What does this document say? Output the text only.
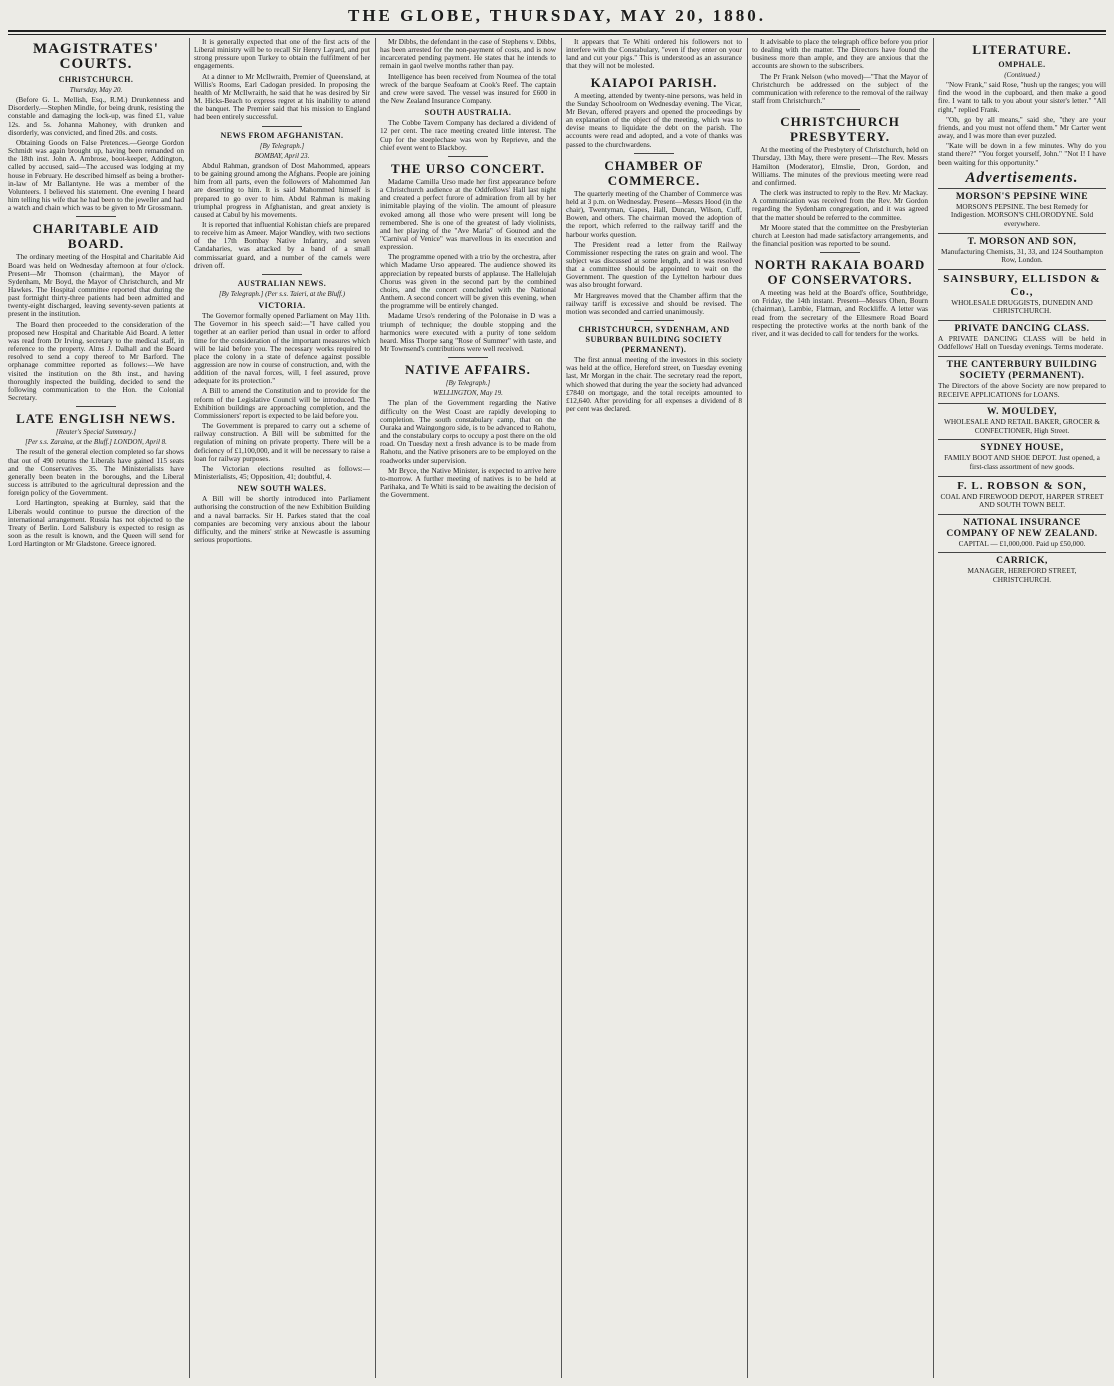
THE GLOBE, THURSDAY, MAY 20, 1880.
MAGISTRATES' COURTS.
CHRISTCHURCH.
Thursday, May 20.

(Before G. L. Mellish, Esq., R.M.) Drunkenness and Disorderly.—Stephen Mindle, for being drunk, resisting the constable and damaging the lock-up, was fined £1, value 12s. and 5s. Johanna Mahoney, with drunken and disorderly, was convicted, and fined 20s. and costs.

Obtaining Goods on False Pretences.—George Gordon Schmidt was again brought up, having been remanded on the 18th inst. John A. Ambrose, boot-keeper, Addington, called by accused, said—The accused was lodging at my house in February. He described himself as being a brother-in-law of Mr Ballantyne. He was a member of the Volunteers. I believed his statement. One evening I heard him telling his wife that he had been to the jeweller and had a watch and chain which was to be given to Mr Grossmann.

CHARITABLE AID BOARD.

The ordinary meeting of the Hospital and Charitable Aid Board was held on Wednesday afternoon at four o'clock. Present—Mr Thomson (chairman), the Mayor of Sydenham, Mr Boyd, the Mayor of Christchurch, and Mr Hawkes. The Hospital committee reported that during the past fortnight thirty-three patients had been admitted and twenty-eight discharged, leaving seventy-seven patients at present in the institution.

The Board then proceeded to the consideration of the proposed new Hospital and Charitable Aid Board. A letter was read from Dr Irving, secretary to the medical staff, in reference to the property. Alms J. Dalhall and the Board resolved to send a copy thereof to Mr Barford. The orphanage committee reported as follows:—We have visited the institution on the 8th inst., and having thoroughly inspected the building, decided to send the following communication to the Hon. the Colonial Secretary.

LATE ENGLISH NEWS.
[Reuter's Special Summary.]
[Per s.s. Zaraina, at the Bluff.] LONDON, April 8.

The result of the general election completed so far shows that out of 490 returns the Liberals have gained 115 seats and the Conservatives 35. The Ministerialists have generally been beaten in the boroughs, and the Liberal success is attributed to the agricultural depression and the foreign policy of the Government.

Lord Hartington, speaking at Burnley, said that the Liberals would continue to pursue the direction of the international arrangement. Russia has not objected to the Treaty of Berlin. Lord Salisbury is expected to resign as soon as the result is known, and the Queen will send for Lord Hartington or Mr Gladstone. Greece ignored.

It is generally expected that one of the first acts of the Liberal ministry will be to recall Sir Henry Layard, and put strong pressure upon Turkey to obtain the fulfilment of her engagements.

At a dinner to Mr McIlwraith, Premier of Queensland, at Willis's Rooms, Earl Cadogan presided. In proposing the health of Mr McIlwraith, he said that he was desired by Sir M. Hicks-Beach to express regret at his inability to attend the banquet. The Premier said that his mission to England had been entirely successful.

NEWS FROM AFGHANISTAN.
[By Telegraph.]
BOMBAY, April 23.

Abdul Rahman, grandson of Dost Mahommed, appears to be gaining ground among the Afghans. People are joining him from all parts, even the followers of Mahommed Jan are deserting to him. It is said Mahommed himself is prepared to go over to him. Abdul Rahman is making triumphal progress in Afghanistan, and great anxiety is caused at Cabul by his movements.

It is reported that influential Kohistan chiefs are prepared to receive him as Ameer. Major Wandley, with two sections of the 17th Bombay Native Infantry, and seven Candaharies, was attacked by a band of a small commissariat guard, and a number of the camels were driven off.

AUSTRALIAN NEWS.
[By Telegraph.] (Per s.s. Taieri, at the Bluff.)
VICTORIA.

The Governor formally opened Parliament on May 11th. The Governor in his speech said:—"I have called you together at an earlier period than usual in order to afford time for the consideration of the important measures which will be laid before you. The necessary works required to place the colony in a state of defence against possible aggression are now in course of construction, and, with the addition of the naval forces, will, I feel assured, prove adequate for its protection."

A Bill to amend the Constitution and to provide for the reform of the Legislative Council will be introduced. The Exhibition buildings are approaching completion, and the Commissioners' report is expected to be laid before you.

The Government is prepared to carry out a scheme of railway construction. A Bill will be submitted for the regulation of mining on private property. There will be a deficiency of £1,100,000, and it will be necessary to raise a loan for railway purposes.

The Victorian elections resulted as follows:—Ministerialists, 45; Opposition, 41; doubtful, 4.

NEW SOUTH WALES.

A Bill will be shortly introduced into Parliament authorising the construction of the new Exhibition Building and a naval barracks. Sir H. Parkes stated that the coal companies are becoming very anxious about the labour difficulty, and the miners' strike at Newcastle is assuming serious proportions.

Mr Dibbs, the defendant in the case of Stephens v. Dibbs, has been arrested for the non-payment of costs, and is now incarcerated pending payment. He states that he intends to remain in gaol twelve months rather than pay.

Intelligence has been received from Noumea of the total wreck of the barque Seafoam at Cook's Reef. The captain and crew were saved. The vessel was insured for £600 in the New Zealand Insurance Company.

SOUTH AUSTRALIA.

The Cobbe Tavern Company has declared a dividend of 12 per cent. The race meeting created little interest. The Cup for the steeplechase was won by Reprieve, and the chief event went to Blackboy.

THE URSO CONCERT.

Madame Camilla Urso made her first appearance before a Christchurch audience at the Oddfellows' Hall last night and created a perfect furore of admiration from all by her inimitable playing of the violin. The amount of pleasure evoked among all those who were present will long be remembered. She is one of the greatest of lady violinists, and her playing of the "Ave Maria" of Gounod and the "Carnival of Venice" was marvellous in its execution and expression.

The programme opened with a trio by the orchestra, after which Madame Urso appeared. The audience showed its appreciation by repeated bursts of applause. The Hallelujah Chorus was given in the second part by the combined choirs, and the concert concluded with the National Anthem. A second concert will be given this evening, when the programme will be entirely changed.

Madame Urso's rendering of the Polonaise in D was a triumph of technique; the double stopping and the harmonics were executed with a purity of tone seldom heard. Miss Thorpe sang "Rose of Summer" with taste, and Mr Townsend's contributions were well received.

NATIVE AFFAIRS.
[By Telegraph.]
WELLINGTON, May 19.

The plan of the Government regarding the Native difficulty on the West Coast are rapidly developing to completion. The south constabulary camp, that on the Ouraka and Waingongoro side, is to be advanced to Rahotu, and the constabulary corps to occupy a post there on the old road. On Tuesday next a fresh advance is to be made from Rahotu, and the Native prisoners are to be employed on the roadworks under supervision.

Mr Bryce, the Native Minister, is expected to arrive here to-morrow. A further meeting of natives is to be held at Parihaka, and Te Whiti is said to be awaiting the decision of the Government.

It appears that Te Whiti ordered his followers not to interfere with the Constabulary, "even if they enter on your land and cut your pigs." This is understood as an assurance that they will not be molested.

KAIAPOI PARISH.

A meeting, attended by twenty-nine persons, was held in the Sunday Schoolroom on Wednesday evening. The Vicar, Mr Bevan, offered prayers and opened the proceedings by an explanation of the object of the meeting, which was to devise means to liquidate the debt on the parish. The accounts were read and adopted, and a vote of thanks was passed to the churchwardens.

CHAMBER OF COMMERCE.

The quarterly meeting of the Chamber of Commerce was held at 3 p.m. on Wednesday. Present—Messrs Hood (in the chair), Twentyman, Gapes, Hall, Duncan, Wilson, Cuff, Bowen, and others. The chairman moved the adoption of the report, which referred to the railway tariff and the harbour works question.

The President read a letter from the Railway Commissioner respecting the rates on grain and wool. The subject was discussed at some length, and it was resolved that a committee should be appointed to wait on the Government. The question of the Lyttelton harbour dues was also brought forward.

Mr Hargreaves moved that the Chamber affirm that the railway tariff is excessive and should be revised. The motion was seconded and carried unanimously.

CHRISTCHURCH, SYDENHAM, AND SUBURBAN BUILDING SOCIETY (PERMANENT).

The first annual meeting of the investors in this society was held at the office, Hereford street, on Tuesday evening last, Mr Morgan in the chair. The secretary read the report, which showed that during the year the society had advanced £7840 on mortgage, and the total receipts amounted to £12,640. After providing for all expenses a dividend of 8 per cent was declared.

It advisable to place the telegraph office before you prior to dealing with the matter. The Directors have found the business more than ample, and they are anxious that the accounts are shown to the subscribers.

The Pr Frank Nelson (who moved)—"That the Mayor of Christchurch be addressed on the subject of the communication with reference to the removal of the railway staff from Christchurch."

CHRISTCHURCH PRESBYTERY.

At the meeting of the Presbytery of Christchurch, held on Thursday, 13th May, there were present—The Rev. Messrs Hamilton (Moderator), Elmslie, Dron, Gordon, and Williams. The minutes of the previous meeting were read and confirmed.

The clerk was instructed to reply to the Rev. Mr Mackay. A communication was received from the Rev. Mr Gordon regarding the Sydenham congregation, and it was agreed that the matter should be referred to the committee.

Mr Moore stated that the committee on the Presbyterian church at Leeston had made satisfactory arrangements, and the financial position was reported to be sound.

NORTH RAKAIA BOARD OF CONSERVATORS.

A meeting was held at the Board's office, Southbridge, on Friday, the 14th instant. Present—Messrs Ohen, Bourn (chairman), Lambie, Flatman, and Rockliffe. A letter was read from the secretary of the Ellesmere Road Board respecting the protective works at the north bank of the river, and it was decided to call for tenders for the works.

LITERATURE.
OMPHALE.
(Continued.)

"Now Frank," said Rose, "hush up the ranges; you will find the wood in the cupboard, and then make a good fire. I want to talk to you about your sister's letter." "All right," replied Frank.

"Oh, go by all means," said she, "they are your friends, and you must not offend them." Mr Carter went away, and I was more than ever puzzled.

"Kate will be down in a few minutes. Why do you stand there?" "You forget yourself, John." "Not I! I have been waiting for this opportunity."

Advertisements.
MORSON'S PEPSINE WINE
MORSON'S PEPSINE. The best Remedy for Indigestion. MORSON'S CHLORODYNE. Sold everywhere.
T. MORSON AND SON,
Manufacturing Chemists, 31, 33, and 124 Southampton Row, London.
SAINSBURY, ELLISDON & Co.,
WHOLESALE DRUGGISTS, DUNEDIN AND CHRISTCHURCH.
PRIVATE DANCING CLASS.
A PRIVATE DANCING CLASS will be held in Oddfellows' Hall on Tuesday evenings. Terms moderate.
THE CANTERBURY BUILDING SOCIETY (PERMANENT).
The Directors of the above Society are now prepared to RECEIVE APPLICATIONS for LOANS.
W. MOULDEY,
WHOLESALE AND RETAIL BAKER, GROCER & CONFECTIONER, High Street.
SYDNEY HOUSE,
FAMILY BOOT AND SHOE DEPOT. Just opened, a first-class assortment of new goods.
F. L. ROBSON & SON,
COAL AND FIREWOOD DEPOT, HARPER STREET AND SOUTH TOWN BELT.
NATIONAL INSURANCE COMPANY OF NEW ZEALAND.
CAPITAL — £1,000,000. Paid up £50,000.
CARRICK,
MANAGER, HEREFORD STREET, CHRISTCHURCH.
